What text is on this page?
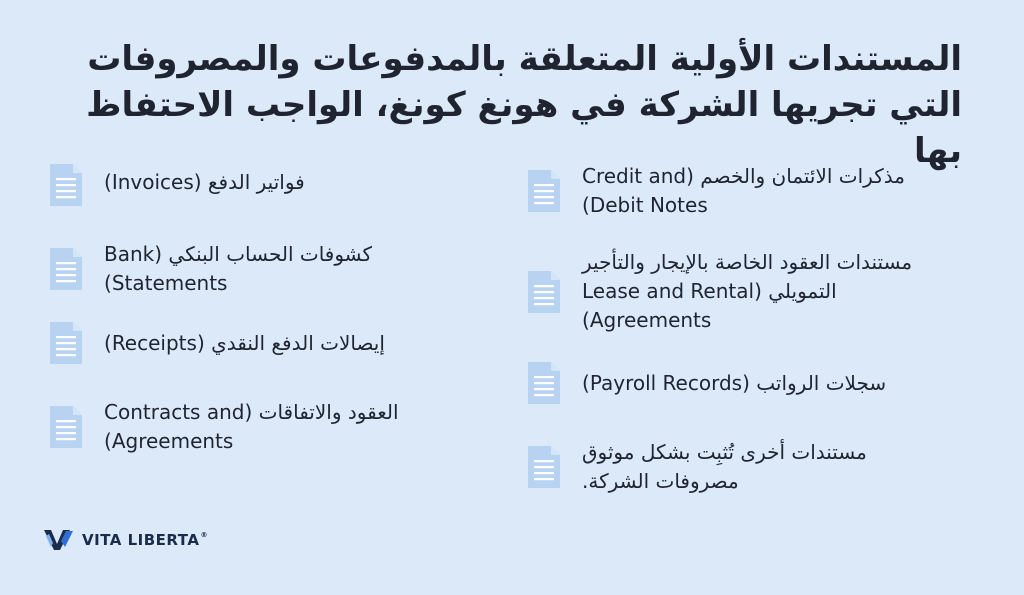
المستندات الأولية المتعلقة بالمدفوعات والمصروفات
التي تجريها الشركة في هونغ كونغ، الواجب الاحتفاظ بها
فواتير الدفع (Invoices)
كشوفات الحساب البنكي (Bank
Statements)
إيصالات الدفع النقدي (Receipts)
العقود والاتفاقات (Contracts and
Agreements)
مذكرات الائتمان والخصم (Credit and
Debit Notes)
مستندات العقود الخاصة بالإيجار والتأجير
التمويلي (Lease and Rental
Agreements)
سجلات الرواتب (Payroll Records)
مستندات أخرى تُثبِت بشكل موثوق
مصروفات الشركة.
VITA LIBERTA®
